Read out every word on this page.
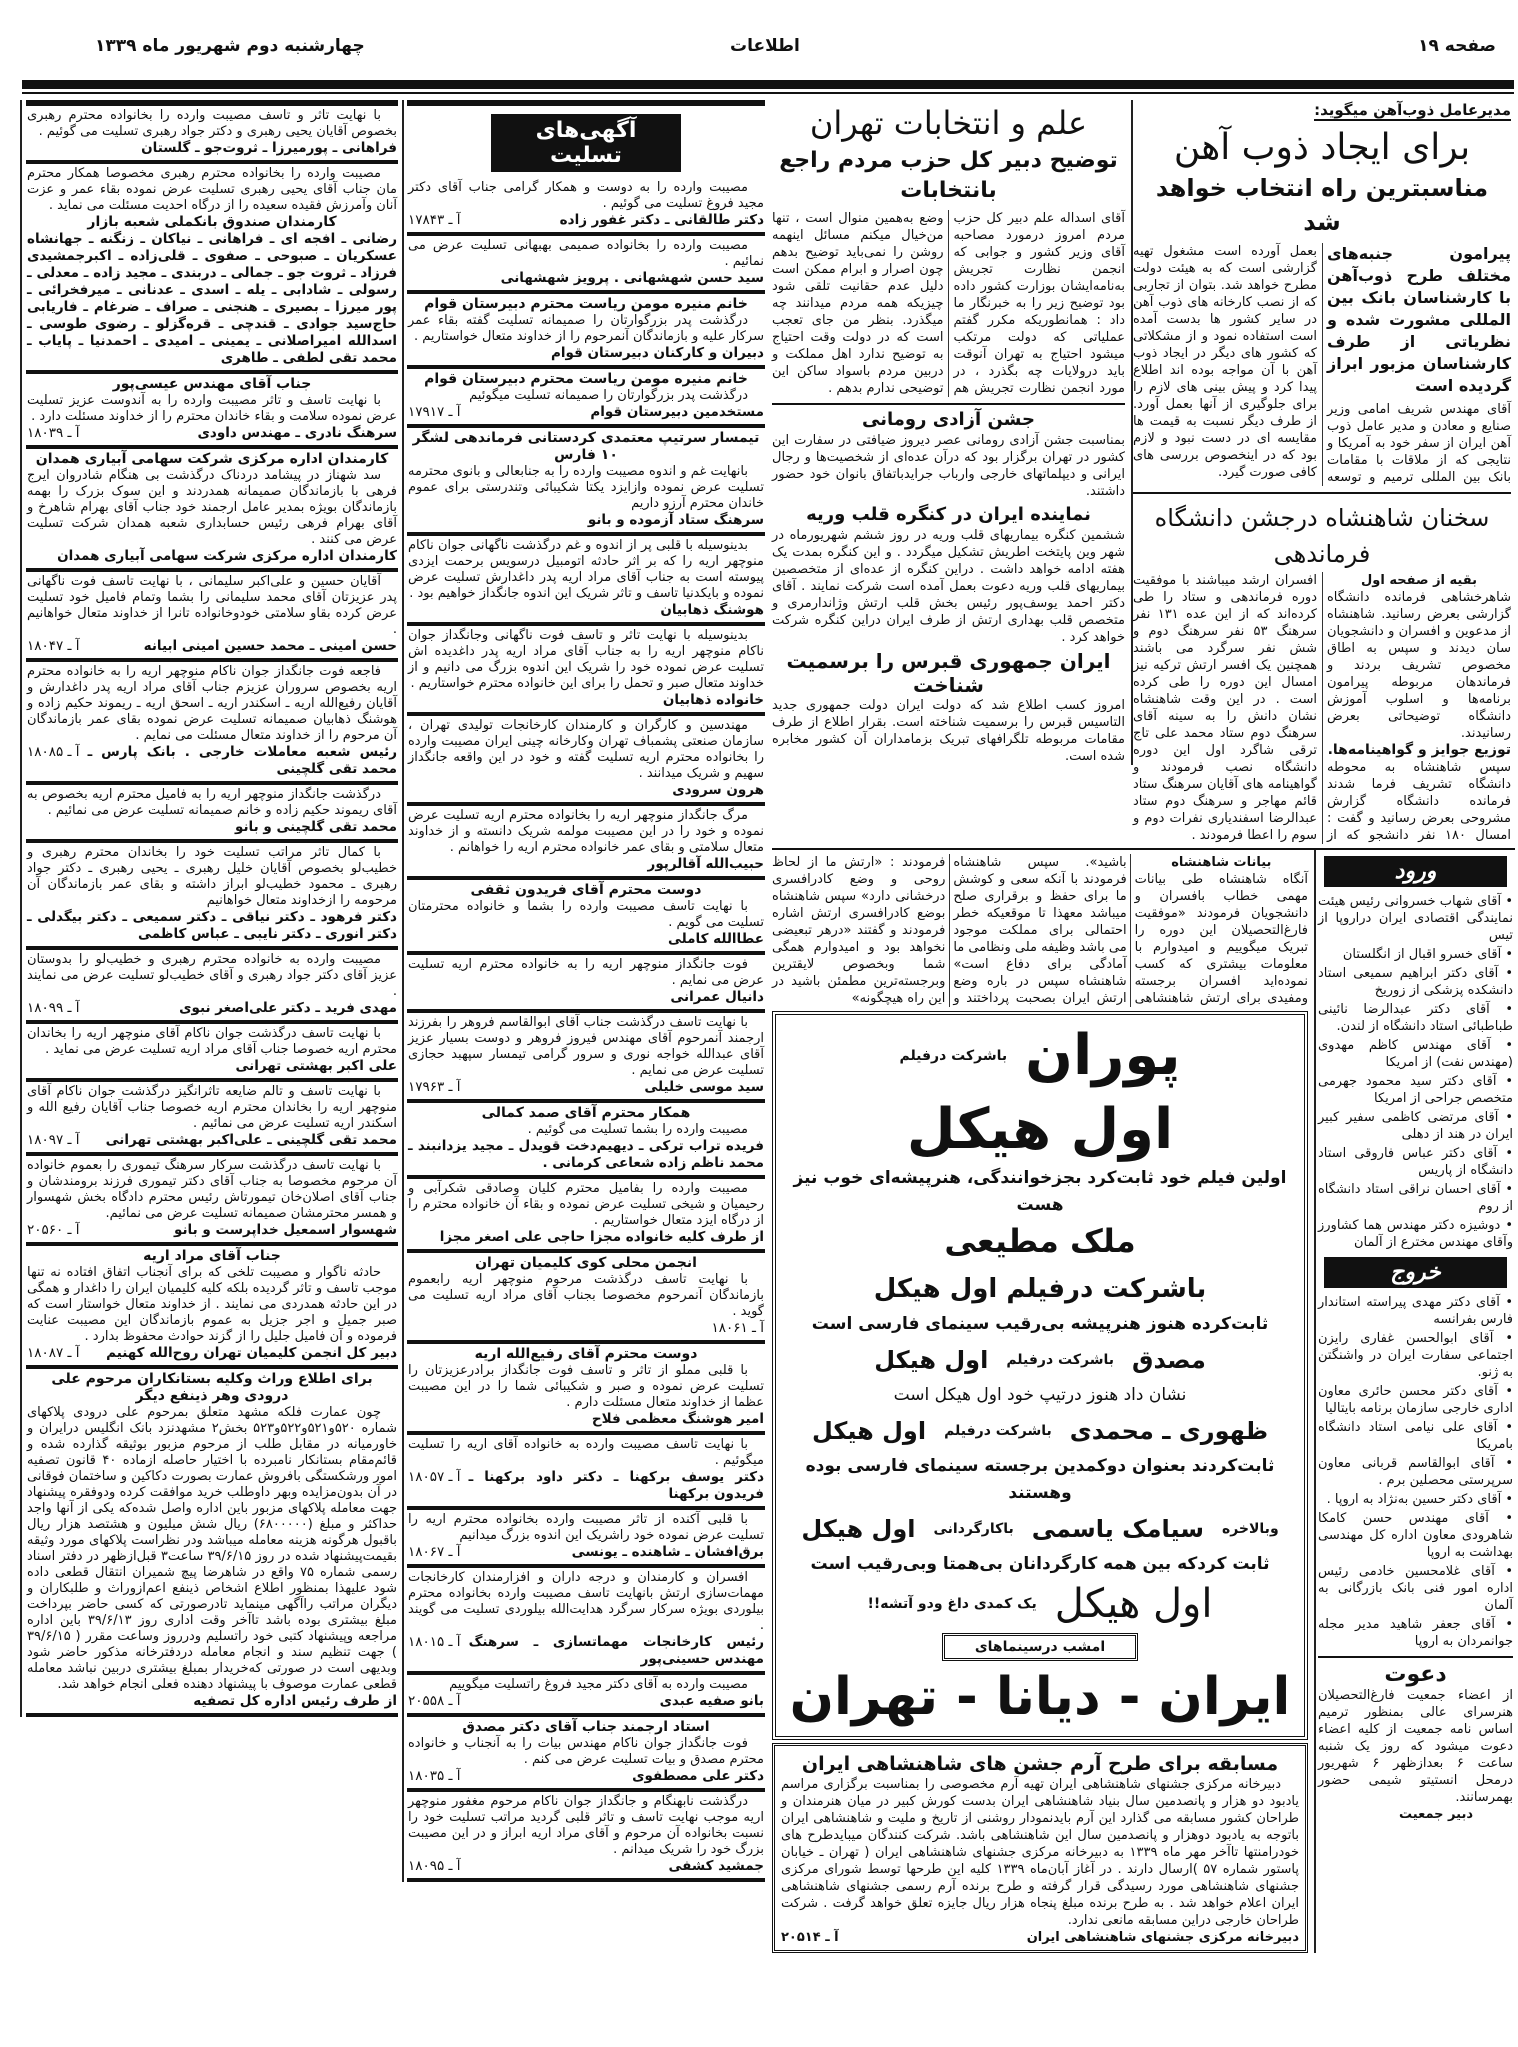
صفحه ۱۹
اطلاعات
چهارشنبه دوم شهریور ماه ۱۳۳۹
مدیرعامل ذوب‌آهن میگوید:
برای ایجاد ذوب آهن
مناسبترین راه انتخاب خواهد شد
پیرامون جنبه‌های مختلف طرح ذوب‌آهن با کارشناسان بانک بین المللی مشورت شده و نظریاتی از طرف کارشناسان مزبور ابراز گردیده است
آقای مهندس شریف امامی وزیر صنایع و معادن و مدیر عامل ذوب آهن ایران از سفر خود به آمریکا و نتایجی که از ملاقات با مقامات بانک بین المللی ترمیم و توسعه بعمل آورده است مشغول تهیه گزارشی است که به هیئت دولت مطرح خواهد شد. بتوان از تجاربی که از نصب کارخانه های ذوب آهن در سایر کشور ها بدست آمده است استفاده نمود و از مشکلاتی که کشور های دیگر در ایجاد ذوب آهن با آن مواجه بوده اند اطلاع پیدا کرد و پیش بینی های لازم را برای جلوگیری از آنها بعمل آورد. از طرف دیگر نسبت به قیمت ها مقایسه ای در دست نبود و لازم بود که در اینخصوص بررسی های کافی صورت گیرد.
سخنان شاهنشاه درجشن دانشگاه فرماندهی
بقیه از صفحه اول
شاهرخشاهی فرمانده دانشگاه گزارشی بعرض رسانید. شاهنشاه از مدعوین و افسران و دانشجویان سان دیدند و سپس به اطاق مخصوص تشریف بردند و فرماندهان مربوطه پیرامون برنامه‌ها و اسلوب آموزش دانشگاه توضیحاتی بعرض رسانیدند.
توزیع جوایز و گواهینامه‌ها.
سپس شاهنشاه به محوطه دانشگاه تشریف فرما شدند فرمانده دانشگاه گزارش مشروحی بعرض رسانید و گفت : امسال ۱۸۰ نفر دانشجو که از افسران ارشد میباشند با موفقیت دوره فرماندهی و ستاد را طی کرده‌اند که از این عده ۱۳۱ نفر سرهنگ ۵۳ نفر سرهنگ دوم و شش نفر سرگرد می باشند همچنین یک افسر ارتش ترکیه نیز امسال این دوره را طی کرده است . در این وقت شاهنشاه نشان دانش را به سینه آقای سرهنگ دوم ستاد محمد علی تاج ترقی شاگرد اول این دوره دانشگاه نصب فرمودند و گواهینامه های آقایان سرهنگ ستاد قائم مهاجر و سرهنگ دوم ستاد عبدالرضا اسفندیاری نفرات دوم و سوم را اعطا فرمودند .
علم و انتخابات تهران
توضیح دبیر کل حزب مردم راجع بانتخابات
آقای اسداله علم دبیر کل حزب مردم امروز درمورد مصاحبه آقای وزیر کشور و جوابی که انجمن نظارت تجریش به‌نامه‌ایشان بوزارت کشور داده بود توضیح زیر را به خبرنگار ما داد : همانطوریکه مکرر گفتم عملیاتی که دولت مرتکب میشود احتیاج به تهران آنوقت باید درولایات چه بگذرد ، در مورد انجمن نظارت تجریش هم وضع به‌همین منوال است ، تنها من‌خیال میکنم مسائل اینهمه روشن را نمی‌باید توضیح بدهم چون اصرار و ابرام ممکن است دلیل عدم حقانیت تلقی شود چیزیکه همه مردم میدانند چه میگذرد. بنظر من جای تعجب است که در دولت وقت احتیاج به توضیح ندارد اهل مملکت و دربین مردم باسواد ساکن این توضیحی ندارم بدهم .
جشن آزادی رومانی
بمناسبت جشن آزادی رومانی عصر دیروز ضیافتی در سفارت این کشور در تهران برگزار بود که درآن عده‌ای از شخصیت‌ها و رجال ایرانی و دیپلماتهای خارجی وارباب جرایدباتفاق بانوان خود حضور داشتند.
نماینده ایران در کنگره قلب وریه
ششمین کنگره بیماریهای قلب وریه در روز ششم شهریورماه در شهر وین پایتخت اطریش تشکیل میگردد . و این کنگره بمدت یک هفته ادامه خواهد داشت . دراین کنگره از عده‌ای از متخصصین بیماریهای قلب وریه دعوت بعمل آمده است شرکت نمایند . آقای دکتر احمد یوسف‌پور رئیس بخش قلب ارتش وژاندارمری و متخصص قلب بهداری ارتش از طرف ایران دراین کنگره شرکت خواهد کرد .
ایران جمهوری قبرس را برسمیت شناخت
امروز کسب اطلاع شد که دولت ایران دولت جمهوری جدید التاسیس قبرس را برسمیت شناخته است. بقرار اطلاع از طرف مقامات مربوطه تلگرافهای تبریک بزمامداران آن کشور مخابره شده است.
ورود
• آقای شهاب خسروانی رئیس هیئت نمایندگی اقتصادی ایران دراروپا از تیس
• آقای خسرو اقبال از انگلستان
• آقای دکتر ابراهیم سمیعی استاد دانشکده پزشکی از زوریخ
• آقای دکتر عبدالرضا نائینی طباطبائی استاد دانشگاه از لندن.
• آقای مهندس کاظم مهدوی (مهندس نفت) از امریکا
• آقای دکتر سید محمود جهرمی متخصص جراحی از امریکا
• آقای مرتضی کاظمی سفیر کبیر ایران در هند از دهلی
• آقای دکتر عباس فاروقی استاد دانشگاه از پاریس
• آقای احسان نراقی استاد دانشگاه از روم
• دوشیزه دکتر مهندس هما کشاورز وآقای مهندس مخترع از آلمان
خروج
• آقای دکتر مهدی پیراسته استاندار فارس بفرانسه
• آقای ابوالحسن غفاری رایزن اجتماعی سفارت ایران در واشنگتن به ژنو.
• آقای دکتر محسن حائری معاون اداری خارجی سازمان برنامه بایتالیا
• آقای علی نیامی استاد دانشگاه بامریکا
• آقای ابوالقاسم قربانی معاون سرپرستی محصلین برم .
• آقای دکتر حسین به‌نژاد به اروپا .
• آقای مهندس حسن کامکا شاهرودی معاون اداره کل مهندسی بهداشت به اروپا
• آقای غلامحسین خادمی رئیس اداره امور فنی بانک بازرگانی به آلمان
• آقای جعفر شاهید مدیر مجله جوانمردان به اروپا
دعوت
از اعضاء جمعیت فارغ‌التحصیلان هنرسرای عالی بمنظور ترمیم اساس نامه جمعیت از کلیه اعضاء دعوت میشود که روز یک شنبه ساعت ۶ بعدازظهر ۶ شهریور درمحل انستیتو شیمی حضور بهمرسانند.
دبیر جمعیت
بیانات شاهنشاه
آنگاه شاهنشاه طی بیانات مهمی خطاب بافسران و دانشجویان فرمودند «موفقیت فارغ‌التحصیلان این دوره را تبریک میگوییم و امیدوارم با معلومات بیشتری که کسب نموده‌اید افسران برجسته ومفیدی برای ارتش شاهنشاهی باشید». سپس شاهنشاه فرمودند با آنکه سعی و کوشش ما برای حفظ و برقراری صلح میباشد معهذا تا موقعیکه خطر احتمالی برای مملکت موجود می باشد وظیفه ملی ونظامی ما آمادگی برای دفاع است» شاهنشاه سپس در باره وضع ارتش ایران بصحبت پرداختند و فرمودند : «ارتش ما از لحاظ روحی و وضع کادرافسری درخشانی دارد» سپس شاهنشاه بوضع کادرافسری ارتش اشاره فرمودند و گفتند «درهر تبعیضی نخواهد بود و امیدوارم همگی شما وبخصوص لایقترین وبرجسته‌ترین مطمئن باشید در این راه هیچگونه»
پوران
باشرکت درفیلم
اول هیکل
اولین فیلم خود ثابت‌کرد بجزخوانندگی، هنرپیشه‌ای خوب نیز هست
ملک مطیعی
باشرکت درفیلم اول هیکل
ثابت‌کرده هنوز هنرپیشه بی‌رقیب سینمای فارسی است
مصدق
باشرکت درفیلم
اول هیکل
نشان داد هنوز درتیپ خود اول هیکل است
ظهوری ـ محمدی
باشرکت درفیلم
اول هیکل
ثابت‌کردند بعنوان دوکمدین برجسته سینمای فارسی بوده وهستند
وبالاخره
سیامک یاسمی
باکارگردانی
اول هیکل
ثابت کردکه بین همه کارگردانان بی‌همتا وبی‌رقیب است
اول هیکل
یک کمدی داغ ودو آتشه!!
امشب درسینماهای
ایران - دیانا - تهران
مسابقه برای طرح آرم جشن های شاهنشاهی ایران
دبیرخانه مرکزی جشنهای شاهنشاهی ایران تهیه آرم مخصوصی را بمناسبت برگزاری مراسم یادبود دو هزار و پانصدمین سال بنیاد شاهنشاهی ایران بدست کورش کبیر در میان هنرمندان و طراحان کشور مسابقه می گذارد این آرم بایدنمودار روشنی از تاریخ و ملیت و شاهنشاهی ایران باتوجه به یادبود دوهزار و پانصدمین سال این شاهنشاهی باشد. شرکت کنندگان میبایدطرح های خودرامنتها تاآخر مهر ماه ۱۳۳۹ به دبیرخانه مرکزی جشنهای شاهنشاهی ایران ( تهران ـ خیابان پاستور شماره ۵۷ )ارسال دارند . در آغاز آبان‌ماه ۱۳۳۹ کلیه این طرحها توسط شورای مرکزی جشنهای شاهنشاهی مورد رسیدگی قرار گرفته و طرح برنده آرم رسمی جشنهای شاهنشاهی ایران اعلام خواهد شد . به طرح برنده مبلغ پنجاه هزار ریال جایزه تعلق خواهد گرفت . شرکت طراحان خارجی دراین مسابقه مانعی ندارد.
دبیرخانه مرکزی جشنهای شاهنشاهی ایران
آ ـ ۲۰۵۱۴
آگهی‌های تسلیت
مصیبت وارده را به دوست و همکار گرامی جناب آقای دکتر مجید فروغ تسلیت می گوئیم .
دکتر طالقانی ـ دکتر غفور زاده
آ ـ ۱۷۸۴۳
مصیبت وارده را بخانواده صمیمی بهبهانی تسلیت عرض می نمائیم .
سید حسن شهشهانی . پرویز شهشهانی
خانم منیره مومن ریاست محترم دبیرستان قوام
درگذشت پدر بزرگوارتان را صمیمانه تسلیت گفته بقاء عمر سرکار علیه و بازماندگان آنمرحوم را از خداوند متعال خواستاریم .
دبیران و کارکنان دبیرستان قوام
خانم منیره مومن ریاست محترم دبیرستان قوام
درگذشت پدر بزرگوارتان را صمیمانه تسلیت میگوئیم
مستخدمین دبیرستان قوام
آ ـ ۱۷۹۱۷
تیمسار سرتیپ معتمدی کردستانی فرماندهی لشگر ۱۰ فارس
بانهایت غم و اندوه مصیبت وارده را به جنابعالی و بانوی محترمه تسلیت عرض نموده وازایزد یکتا شکیبائی وتندرستی برای عموم خاندان محترم آرزو داریم
سرهنگ ستاد آزموده و بانو
بدینوسیله با قلبی پر از اندوه و غم درگذشت ناگهانی جوان ناکام منوچهر اریه را که بر اثر حادثه اتومبیل درسویس برحمت ایزدی پیوسته است به جناب آقای مراد اریه پدر داغدارش تسلیت عرض نموده و بایکدنیا تاسف و تاثر شریک این اندوه جانگداز خواهیم بود .
هوشنگ ذهابیان
بدینوسیله با نهایت تاثر و تاسف فوت ناگهانی وجانگداز جوان ناکام منوچهر اریه را به جناب آقای مراد اریه پدر داغدیده اش تسلیت عرض نموده خود را شریک این اندوه بزرگ می دانیم و از خداوند متعال صبر و تحمل را برای این خانواده محترم خواستاریم .
خانواده ذهابیان
مهندسین و کارگران و کارمندان کارخانجات تولیدی تهران ، سازمان صنعتی پشمباف تهران وکارخانه چینی ایران مصیبت وارده را بخانواده محترم اریه تسلیت گفته و خود در این واقعه جانگداز سهیم و شریک میدانند .
هرون سرودی
مرگ جانگداز منوچهر اریه را بخانواده محترم اریه تسلیت عرض نموده و خود را در این مصیبت مولمه شریک دانسته و از خداوند متعال سلامتی و بقای عمر خانواده محترم اریه را خواهانم .
حبیب‌الله آقالرپور
دوست محترم آقای فریدون ثقفی
با نهایت تاسف مصیبت وارده را بشما و خانواده محترمتان تسلیت می گویم .
عطاالله کاملی
فوت جانگداز منوچهر اریه را به خانواده محترم اریه تسلیت عرض می نمایم .
دانیال عمرانی
با نهایت تاسف درگذشت جناب آقای ابوالقاسم فروهر را بفرزند ارجمند آنمرحوم آقای مهندس فیروز فروهر و دوست بسیار عزیز آقای عبدالله خواجه نوری و سرور گرامی تیمسار سپهبد حجازی تسلیت عرض می نمایم .
سید موسی خلیلی
آ ـ ۱۷۹۶۳
همکار محترم آقای صمد کمالی
مصیبت وارده را بشما تسلیت می گوئیم .
فریده تراب ترکی ـ دیهیم‌دخت قویدل ـ مجید یزدانبند ـ محمد ناظم زاده شعاعی کرمانی .
مصیبت وارده را بفامیل محترم کلیان وصادقی شکرآبی و رحیمیان و شیخی تسلیت عرض نموده و بقاء آن خانواده محترم را از درگاه ایزد متعال خواستاریم .
از طرف کلیه خانواده مجزا حاجی علی اصغر مجزا
انجمن محلی کوی کلیمیان تهران
با نهایت تاسف درگذشت مرحوم منوچهر اریه رابعموم بازماندگان آنمرحوم مخصوصا بجناب آقای مراد اریه تسلیت می گوید .
آ ـ ۱۸۰۶۱
دوست محترم آقای رفیع‌الله اریه
با قلبی مملو از تاثر و تاسف فوت جانگداز برادرعزیزتان را تسلیت عرض نموده و صبر و شکیبائی شما را در این مصیبت عظما از خداوند متعال مسئلت دارم .
امیر هوشنگ معظمی فلاح
با نهایت تاسف مصیبت وارده به خانواده آقای اریه را تسلیت میگوئیم .
دکتر یوسف برکهنا ـ دکتر داود برکهنا ـ فریدون برکهنا
آ ـ ۱۸۰۵۷
با قلبی آکنده از تاثر مصیبت وارده بخانواده محترم اریه را تسلیت عرض نموده خود راشریک این اندوه بزرگ میدانیم
برق‌افشان ـ شاهنده ـ یونسی
آ ـ ۱۸۰۶۷
افسران و کارمندان و درجه داران و افزارمندان کارخانجات مهمات‌سازی ارتش بانهایت تاسف مصیبت وارده بخانواده محترم بیلوردی بویژه سرکار سرگرد هدایت‌الله بیلوردی تسلیت می گویند .
رئیس کارخانجات مهماتسازی ـ سرهنگ مهندس حسینی‌پور
آ ـ ۱۸۰۱۵
مصیبت وارده به آقای دکتر مجید فروغ راتسلیت میگوییم
بانو صفیه عبدی
آ ـ ۲۰۵۵۸
استاد ارجمند جناب آقای دکتر مصدق
فوت جانگداز جوان ناکام مهندس بیات را به آنجناب و خانواده محترم مصدق و بیات تسلیت عرض می کنم .
دکتر علی مصطفوی
آ ـ ۱۸۰۳۵
درگذشت نابهنگام و جانگداز جوان ناکام مرحوم مغفور منوچهر اریه موجب نهایت تاسف و تاثر قلبی گردید مراتب تسلیت خود را نسبت بخانواده آن مرحوم و آقای مراد اریه ابراز و در این مصیبت بزرگ خود را شریک میدانم .
جمشید کشفی
آ ـ ۱۸۰۹۵
با نهایت تاثر و تاسف مصیبت وارده را بخانواده محترم رهبری بخصوص آقایان یحیی رهبری و دکتر جواد رهبری تسلیت می گوئیم .
فراهانی ـ پورمیرزا ـ ثروت‌جو ـ گلستان
مصیبت وارده را بخانواده محترم رهبری مخصوصا همکار محترم مان جناب آقای یحیی رهبری تسلیت عرض نموده بقاء عمر و عزت آنان وآمرزش فقیده سعیده را از درگاه احدیت مسئلت می نماید .
کارمندان صندوق بانکملی شعبه بازار
رضانی ـ افجه ای ـ فراهانی ـ نیاکان ـ زنگنه ـ جهانشاه عسکریان ـ صبوحی ـ صفوی ـ قلی‌زاده ـ اکبرجمشیدی فرزاد ـ ثروت جو ـ جمالی ـ دربندی ـ مجید زاده ـ معدلی ـ رسولی ـ شادابی ـ یله ـ اسدی ـ عدنانی ـ میرفخرائی ـ پور میرزا ـ بصیری ـ هنجنی ـ صراف ـ ضرغام ـ فاریابی حاج‌سید جوادی ـ قندچی ـ قره‌گزلو ـ رضوی طوسی ـ اسدالله امیراصلانی ـ یمینی ـ امیدی ـ احمدنیا ـ پایاب ـ محمد تقی لطفی ـ طاهری
جناب آقای مهندس عیسی‌پور
با نهایت تاسف و تاثر مصیبت وارده را به آندوست عزیز تسلیت عرض نموده سلامت و بقاء خاندان محترم را از خداوند مسئلت دارد .
سرهنگ نادری ـ مهندس داودی
آ ـ ۱۸۰۳۹
کارمندان اداره مرکزی شرکت سهامی آبیاری همدان
سد شهناز در پیشامد دردناک درگذشت بی هنگام شادروان ایرج فرهی با بازماندگان صمیمانه همدردند و این سوک بزرک را بهمه بازماندگان بویژه بمدیر عامل ارجمند خود جناب آقای بهرام شاهرخ و آقای بهرام فرهی رئیس حسابداری شعبه همدان شرکت تسلیت عرض می کنند .
کارمندان اداره مرکزی شرکت سهامی آبیاری همدان
آقایان حسین و علی‌اکبر سلیمانی ، با نهایت تاسف فوت ناگهانی پدر عزیزتان آقای محمد سلیمانی را بشما وتمام فامیل خود تسلیت عرض کرده بقاو سلامتی خودوخانواده تانرا از خداوند متعال خواهانیم .
حسن امینی ـ محمد حسین امینی ابیانه
آ ـ ۱۸۰۴۷
فاجعه فوت جانگداز جوان ناکام منوچهر اریه را به خانواده محترم اریه بخصوص سروران عزیزم جناب آقای مراد اریه پدر داغدارش و آقایان رفیع‌الله اریه ـ اسکندر اریه ـ اسحق اریه ـ ریموند حکیم زاده و هوشنگ ذهابیان صمیمانه تسلیت عرض نموده بقای عمر بازماندگان آن مرحوم را از خداوند متعال مسئلت می نمایم .
رئیس شعبه معاملات خارجی . بانک پارس ـ محمد تقی گلچینی
آ ـ ۱۸۰۸۵
درگذشت جانگداز منوچهر اریه را به فامیل محترم اریه بخصوص به آقای ریموند حکیم زاده و خانم صمیمانه تسلیت عرض می نمائیم .
محمد تقی گلچینی و بانو
با کمال تاثر مراتب تسلیت خود را بخاندان محترم رهبری و خطیب‌لو بخصوص آقایان خلیل رهبری ـ یحیی رهبری ـ دکتر جواد رهبری ـ محمود خطیب‌لو ابراز داشته و بقای عمر بازماندگان آن مرحومه را ازخداوند متعال خواهانیم
دکتر فرهود ـ دکتر نیاقی ـ دکتر سمیعی ـ دکتر بیگدلی ـ دکتر انوری ـ دکتر نایبی ـ عباس کاظمی
مصیبت وارده به خانواده محترم رهبری و خطیب‌لو را بدوستان عزیز آقای دکتر جواد رهبری و آقای خطیب‌لو تسلیت عرض می نمایند .
مهدی فرید ـ دکتر علی‌اصغر نبوی
آ ـ ۱۸۰۹۹
با نهایت تاسف درگذشت جوان ناکام آقای منوچهر اریه را بخاندان محترم اریه خصوصا جناب آقای مراد اریه تسلیت عرض می نماید .
علی اکبر بهشتی تهرانی
با نهایت تاسف و تالم ضایعه تاثرانگیز درگذشت جوان ناکام آقای منوچهر اریه را بخاندان محترم اریه خصوصا جناب آقایان رفیع الله و اسکندر اریه تسلیت عرض می نمائیم .
محمد تقی گلچینی ـ علی‌اکبر بهشتی تهرانی
آ ـ ۱۸۰۹۷
با نهایت تاسف درگذشت سرکار سرهنگ تیموری را بعموم خانواده آن مرحوم مخصوصا به جناب آقای دکتر تیموری فرزند برومندشان و جناب آقای اصلان‌خان تیمورتاش رئیس محترم دادگاه بخش شهسوار و همسر محترمشان صمیمانه تسلیت عرض می نمائیم.
شهسوار اسمعیل خداپرست و بانو
آ ـ ۲۰۵۶۰
جناب آقای مراد اریه
حادثه ناگوار و مصیبت تلخی که برای آنجناب اتفاق افتاده نه تنها موجب تاسف و تاثر گردیده بلکه کلیه کلیمیان ایران را داغدار و همگی در این حادثه همدردی می نمایند . از خداوند متعال خواستار است که صبر جمیل و اجر جزیل به عموم بازماندگان این مصیبت عنایت فرموده و آن فامیل جلیل را از گزند حوادث محفوظ بدارد .
دبیر کل انجمن کلیمیان تهران روح‌الله کهنیم
آ ـ ۱۸۰۸۷
برای اطلاع وراث وکلیه بستانکاران مرحوم علی درودی وهر ذینفع دیگر
چون عمارت فلکه مشهد متعلق بمرحوم علی درودی پلاکهای شماره ۵۲۰و۵۲۱و۵۲۲و۵۲۳ بخش۲ مشهدنزد بانک انگلیس درایران و خاورمیانه در مقابل طلب از مرحوم مزبور بوثیقه گذارده شده و قائم‌مقام بستانکار نامبرده با اختیار حاصله ازماده ۴۰ قانون تصفیه امور ورشکستگی بافروش عمارت بصورت دکاکین و ساختمان فوقانی در آن بدون‌مزایده وبهر داوطلب خرید موافقت کرده ودوفقره پیشنهاد جهت معامله پلاکهای مزبور باین اداره واصل شده‌که یکی از آنها واجد حداکثر و مبلغ (۶۸۰۰۰۰۰) ریال شش میلیون و هشتصد هزار ریال باقبول هرگونه هزینه معامله میباشد ودر نظراست پلاکهای مورد وثیقه بقیمت‌پیشنهاد شده در روز ۳۹/۶/۱۵ ساعت۳ قبل‌ازظهر در دفتر اسناد رسمی شماره ۷۵ واقع در شاهرضا پیچ شمیران انتقال قطعی داده شود علیهذا بمنظور اطلاع اشخاص ذینفع اعم‌ازوراث و طلبکاران و دیگران مراتب راآگهی مینماید تادرصورتی که کسی حاضر بپرداخت مبلغ بیشتری بوده باشد تاآخر وقت اداری روز ۳۹/۶/۱۳ باین اداره مراجعه وپیشنهاد کتبی خود راتسلیم ودرروز وساعت مقرر ( ۳۹/۶/۱۵ ) جهت تنظیم سند و انجام معامله دردفترخانه مذکور حاضر شود وبدیهی است در صورتی که‌خریدار بمبلغ بیشتری دربین نباشد معامله قطعی عمارت موصوف با پیشنهاد دهنده فعلی انجام خواهد شد.
از طرف رئیس اداره کل تصفیه
